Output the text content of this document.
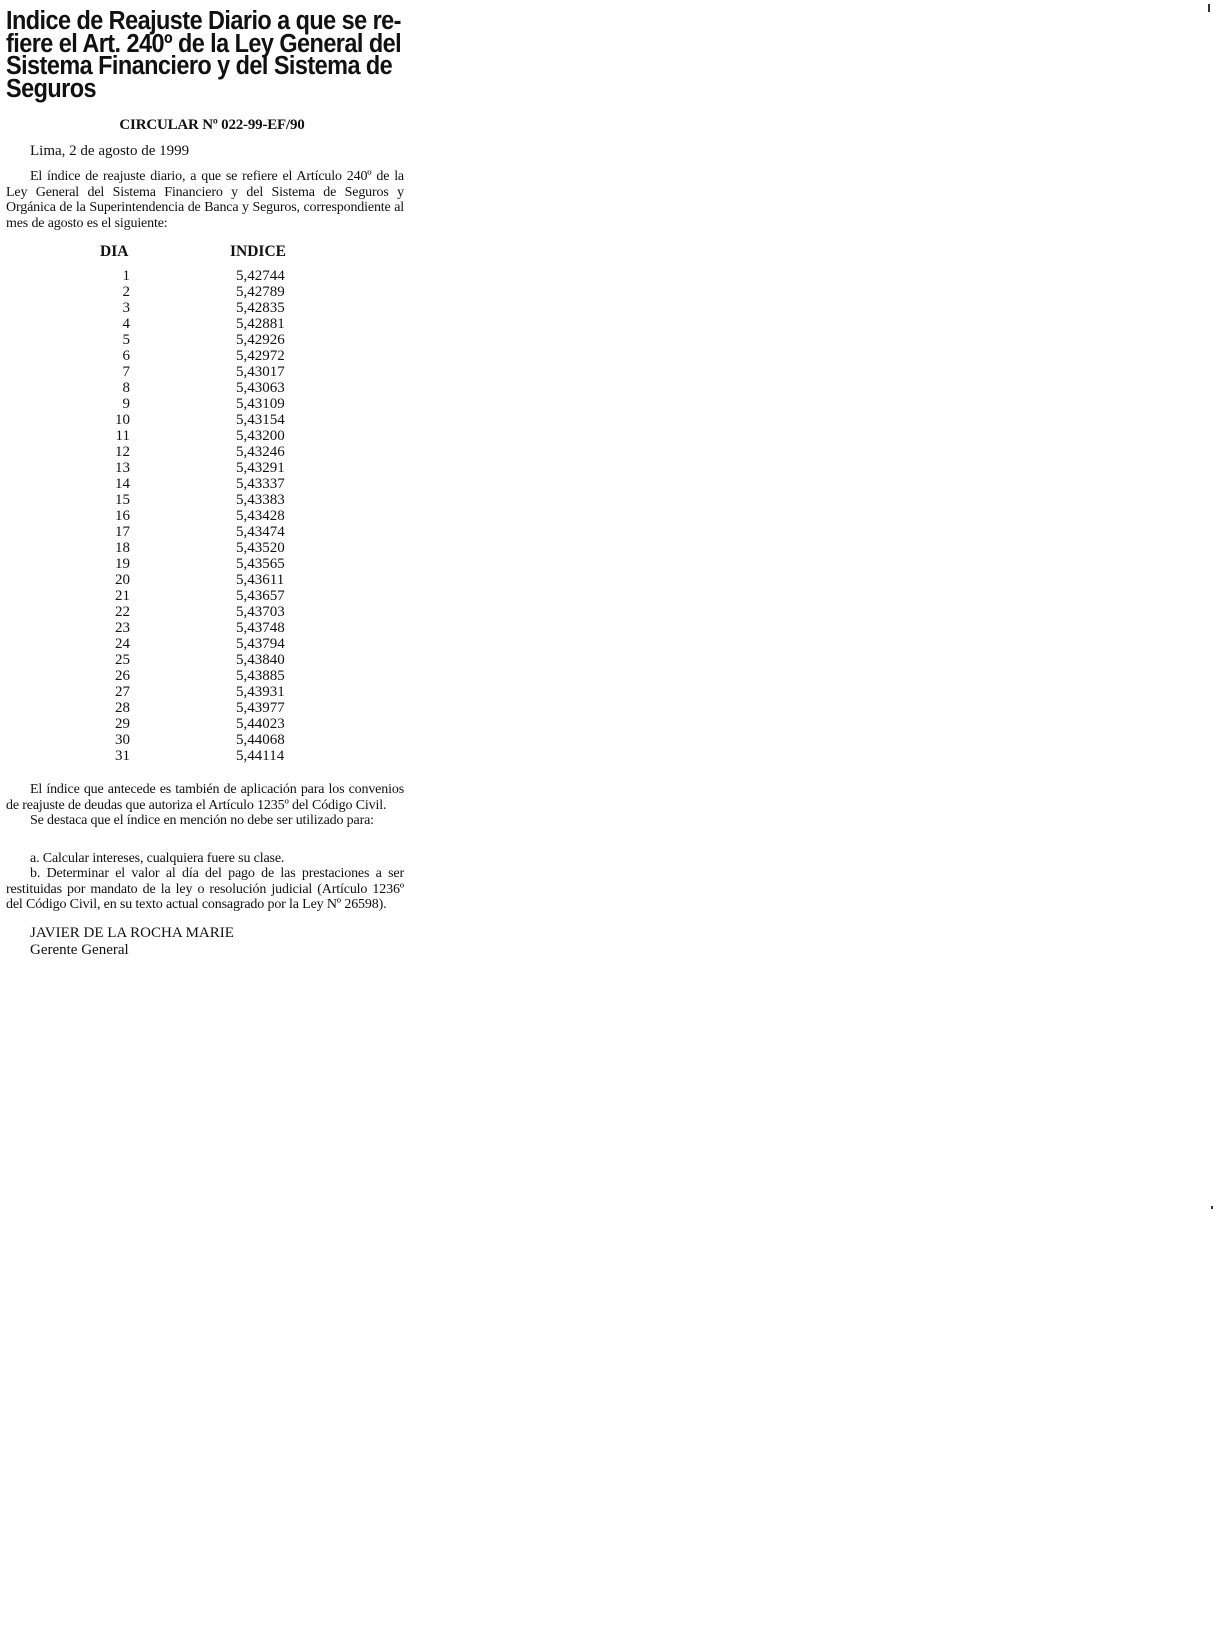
Indice de Reajuste Diario a que se re-
fiere el Art. 240º de la Ley General del
Sistema Financiero y del Sistema de
Seguros
CIRCULAR Nº 022-99-EF/90
Lima, 2 de agosto de 1999

El índice de reajuste diario, a que se refiere el Artículo 240º de la Ley General del Sistema Financiero y del Sistema de Seguros y Orgánica de la Superintendencia de Banca y Seguros, correspondiente al mes de agosto es el siguiente:

DIA	INDICE
1	5,42744
2	5,42789
3	5,42835
4	5,42881
5	5,42926
6	5,42972
7	5,43017
8	5,43063
9	5,43109
10	5,43154
11	5,43200
12	5,43246
13	5,43291
14	5,43337
15	5,43383
16	5,43428
17	5,43474
18	5,43520
19	5,43565
20	5,43611
21	5,43657
22	5,43703
23	5,43748
24	5,43794
25	5,43840
26	5,43885
27	5,43931
28	5,43977
29	5,44023
30	5,44068
31	5,44114

El índice que antecede es también de aplicación para los convenios de reajuste de deudas que autoriza el Artículo 1235º del Código Civil.

Se destaca que el índice en mención no debe ser utilizado para:

a. Calcular intereses, cualquiera fuere su clase.

b. Determinar el valor al día del pago de las prestaciones a ser restituidas por mandato de la ley o resolución judicial (Artículo 1236º del Código Civil, en su texto actual consagrado por la Ley Nº 26598).

JAVIER DE LA ROCHA MARIE
Gerente General
